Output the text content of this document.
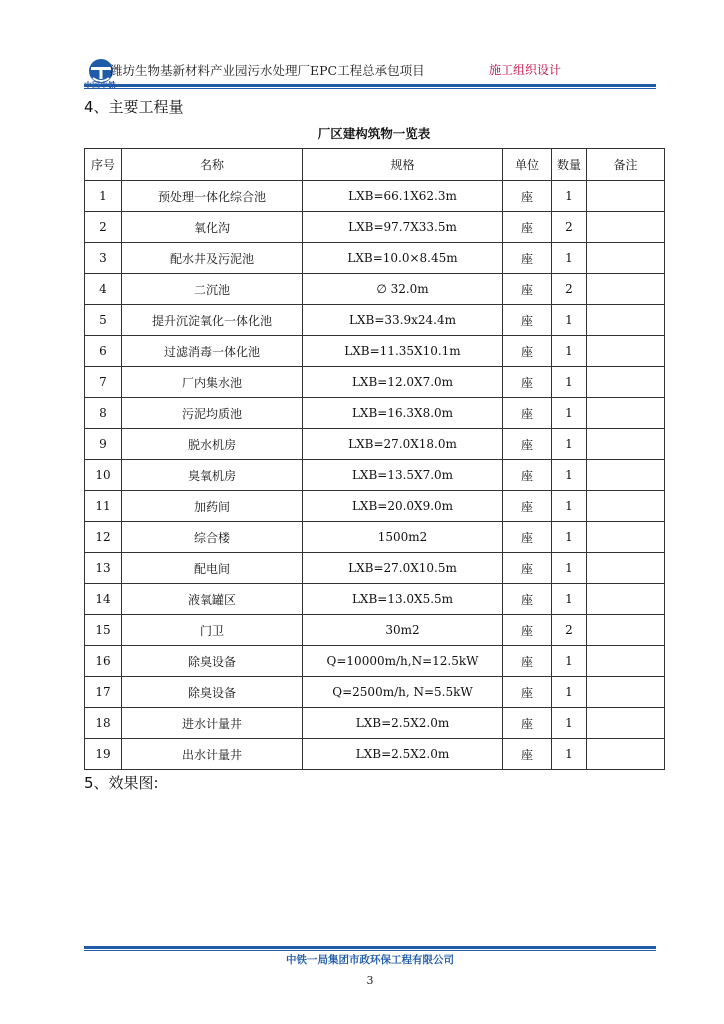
潍坊生物基新材料产业园污水处理厂EPC工程总承包项目	施工组织设计
4、主要工程量
厂区建构筑物一览表
序号	名称	规格	单位	数量	备注
1	预处理一体化综合池	LXB=66.1X62.3m	座	1	
2	氧化沟	LXB=97.7X33.5m	座	2	
3	配水井及污泥池	LXB=10.0×8.45m	座	1	
4	二沉池	∅ 32.0m	座	2	
5	提升沉淀氧化一体化池	LXB=33.9x24.4m	座	1	
6	过滤消毒一体化池	LXB=11.35X10.1m	座	1	
7	厂内集水池	LXB=12.0X7.0m	座	1	
8	污泥均质池	LXB=16.3X8.0m	座	1	
9	脱水机房	LXB=27.0X18.0m	座	1	
10	臭氧机房	LXB=13.5X7.0m	座	1	
11	加药间	LXB=20.0X9.0m	座	1	
12	综合楼	1500m2	座	1	
13	配电间	LXB=27.0X10.5m	座	1	
14	液氧罐区	LXB=13.0X5.5m	座	1	
15	门卫	30m2	座	2	
16	除臭设备	Q=10000m/h,N=12.5kW	座	1	
17	除臭设备	Q=2500m/h, N=5.5kW	座	1	
18	进水计量井	LXB=2.5X2.0m	座	1	
19	出水计量井	LXB=2.5X2.0m	座	1	
5、效果图:
中铁一局集团市政环保工程有限公司
3
